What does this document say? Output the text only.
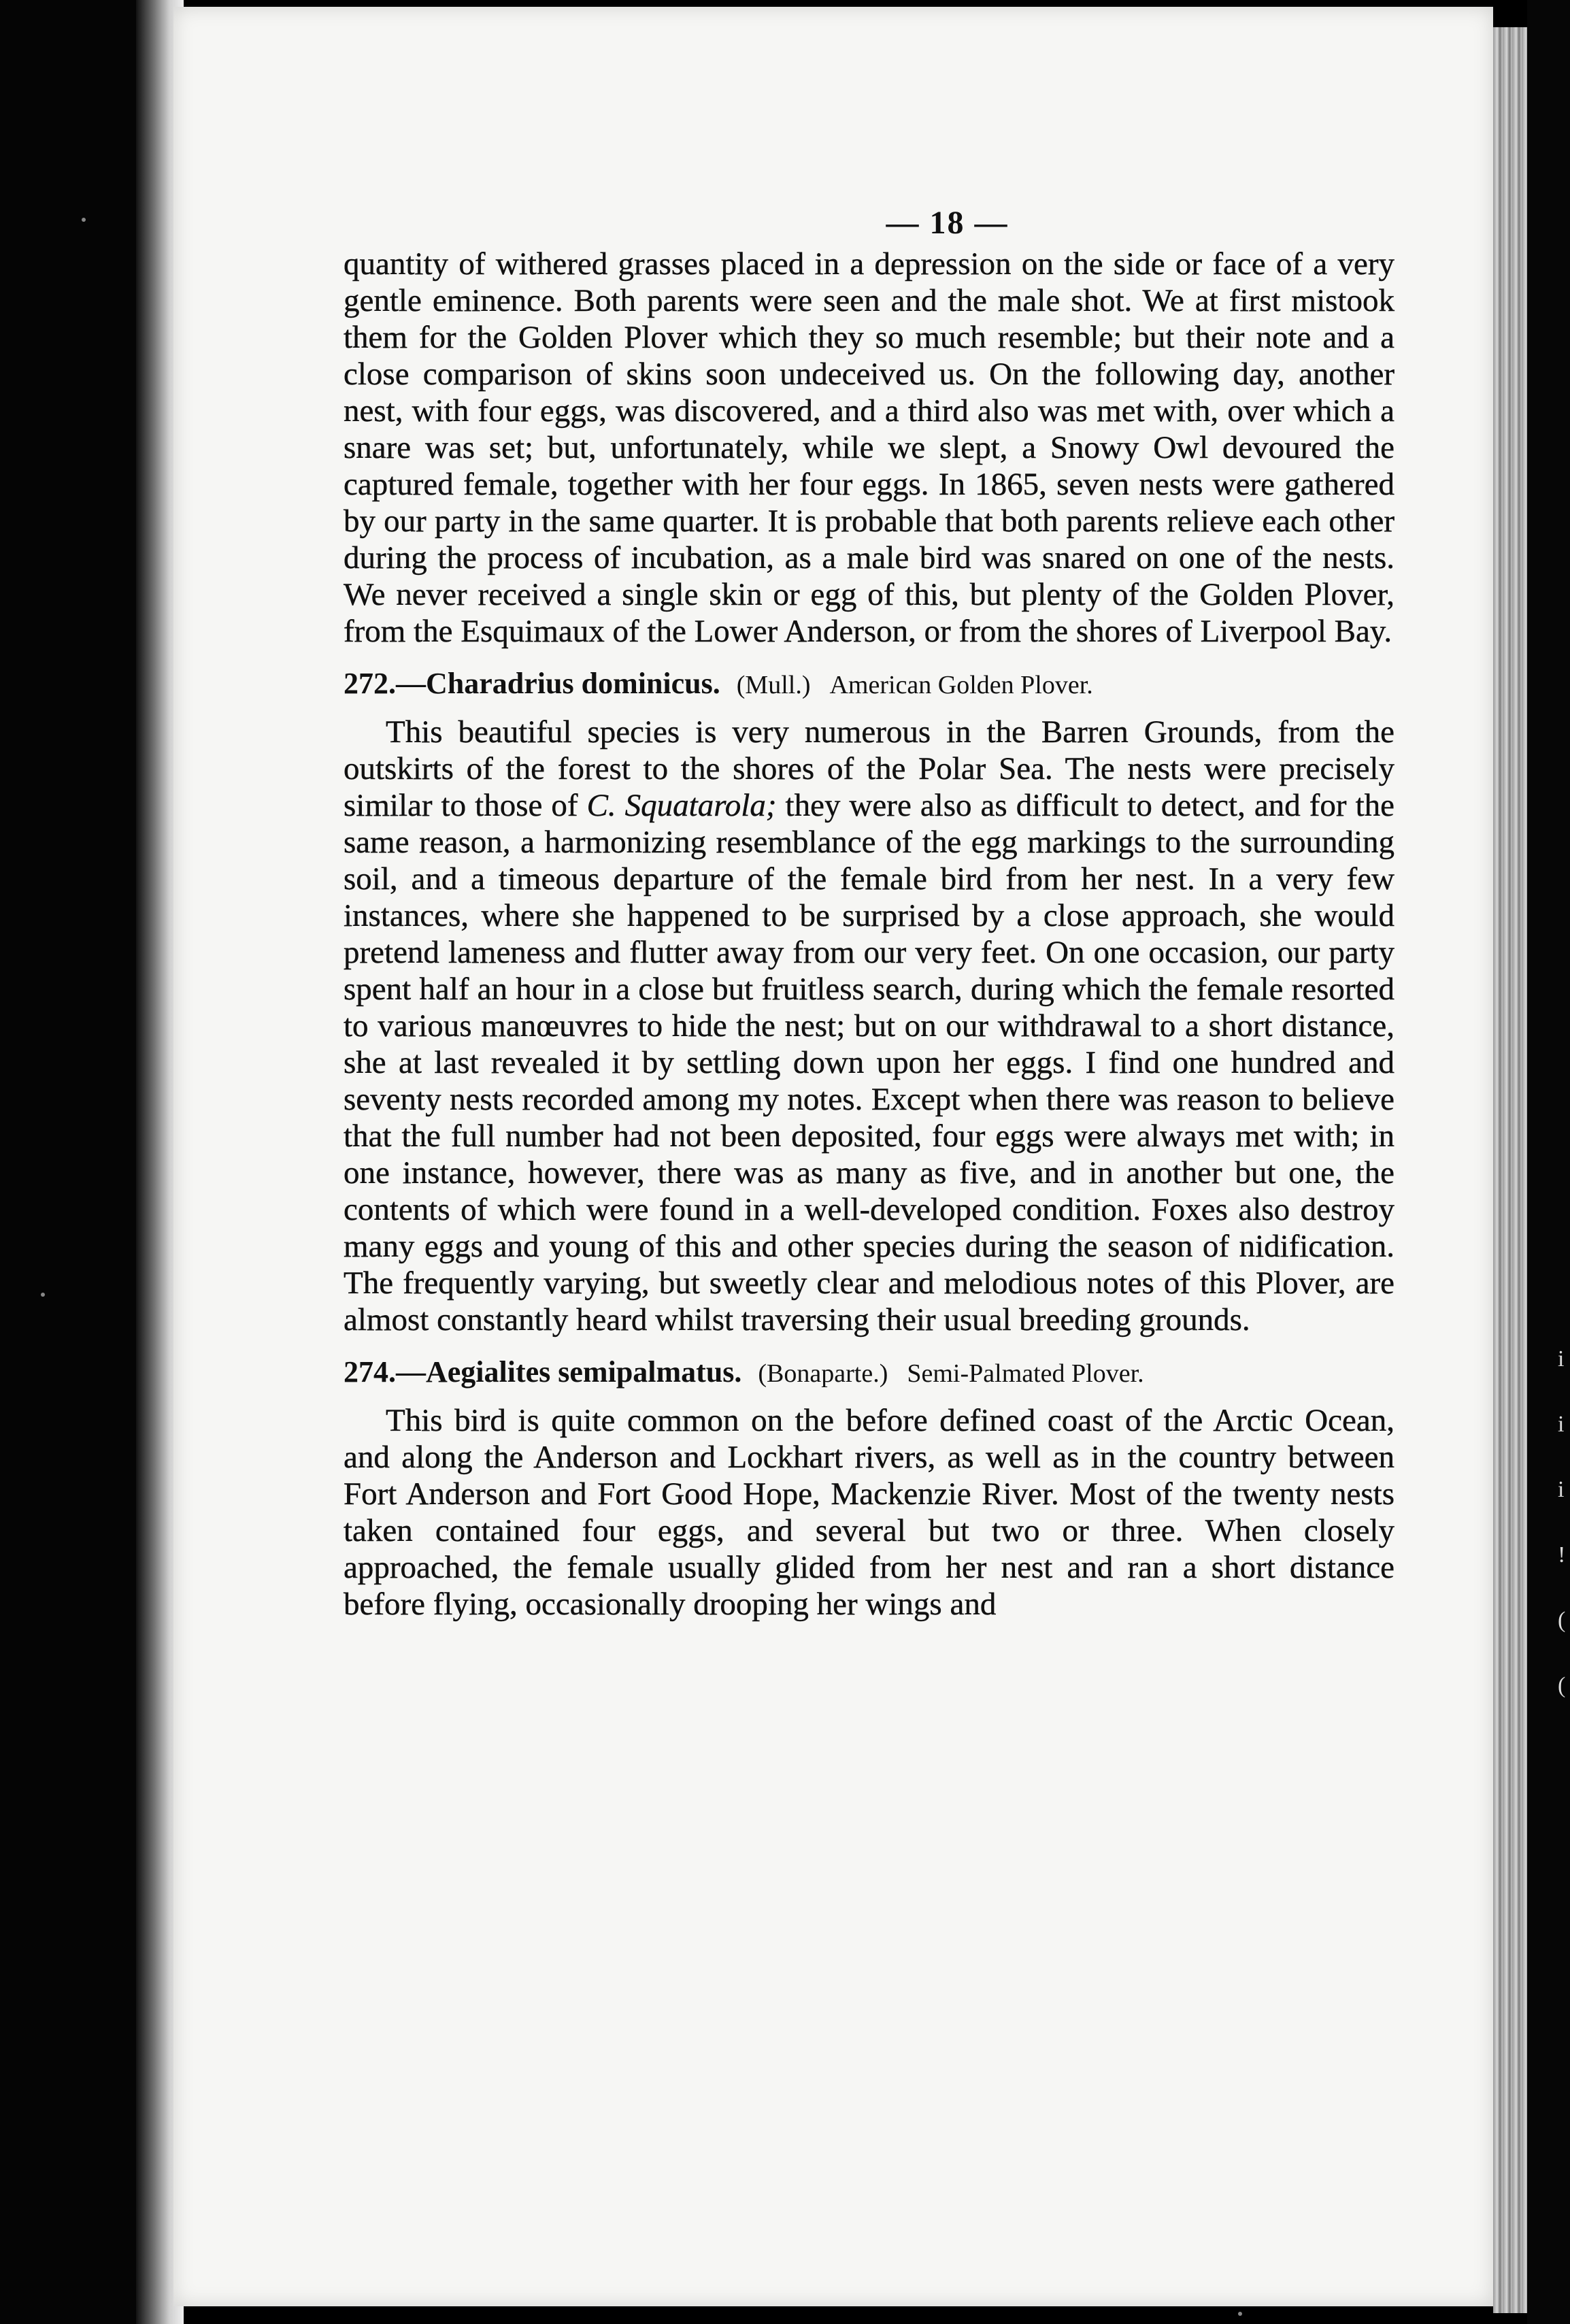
i
i
i
!
(
(
— 18 —

quantity of withered grasses placed in a depression on the side or face of a very gentle eminence. Both parents were seen and the male shot. We at first mistook them for the Golden Plover which they so much resemble; but their note and a close comparison of skins soon undeceived us. On the following day, another nest, with four eggs, was discovered, and a third also was met with, over which a snare was set; but, unfortunately, while we slept, a Snowy Owl devoured the captured female, together with her four eggs. In 1865, seven nests were gathered by our party in the same quarter. It is probable that both parents relieve each other during the process of incubation, as a male bird was snared on one of the nests. We never received a single skin or egg of this, but plenty of the Golden Plover, from the Esquimaux of the Lower Anderson, or from the shores of Liverpool Bay.

272.—Charadrius dominicus. (Mull.) American Golden Plover.

This beautiful species is very numerous in the Barren Grounds, from the outskirts of the forest to the shores of the Polar Sea. The nests were precisely similar to those of C. Squatarola; they were also as difficult to detect, and for the same reason, a harmonizing resemblance of the egg markings to the surrounding soil, and a timeous departure of the female bird from her nest. In a very few instances, where she happened to be surprised by a close approach, she would pretend lameness and flutter away from our very feet. On one occasion, our party spent half an hour in a close but fruitless search, during which the female resorted to various manœuvres to hide the nest; but on our withdrawal to a short distance, she at last revealed it by settling down upon her eggs. I find one hundred and seventy nests recorded among my notes. Except when there was reason to believe that the full number had not been deposited, four eggs were always met with; in one instance, however, there was as many as five, and in another but one, the contents of which were found in a well-developed condition. Foxes also destroy many eggs and young of this and other species during the season of nidification. The frequently varying, but sweetly clear and melodious notes of this Plover, are almost constantly heard whilst traversing their usual breeding grounds.

274.—Aegialites semipalmatus. (Bonaparte.) Semi-Palmated Plover.

This bird is quite common on the before defined coast of the Arctic Ocean, and along the Anderson and Lockhart rivers, as well as in the country between Fort Anderson and Fort Good Hope, Mackenzie River. Most of the twenty nests taken contained four eggs, and several but two or three. When closely approached, the female usually glided from her nest and ran a short distance before flying, occasionally drooping her wings and
